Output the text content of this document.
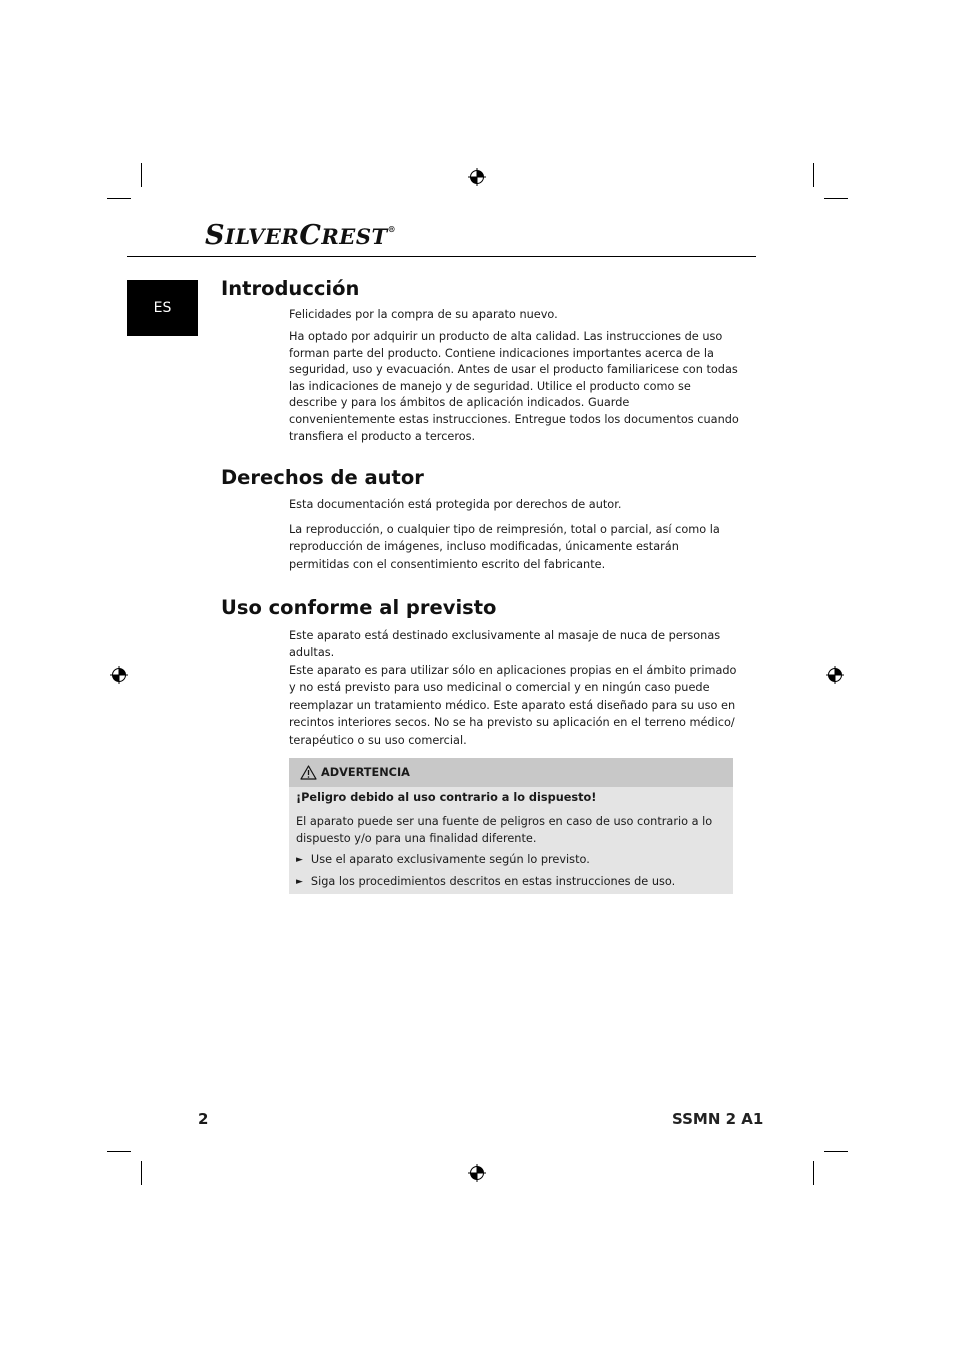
SILVERCREST®
ES
Introducción

Felicidades por la compra de su aparato nuevo.

Ha optado por adquirir un producto de alta calidad. Las instrucciones de uso forman parte del producto. Contiene indicaciones importantes acerca de la seguridad, uso y evacuación. Antes de usar el producto familiaricese con todas las indicaciones de manejo y de seguridad. Utilice el producto como se describe y para los ámbitos de aplicación indicados. Guarde convenientemente estas instrucciones. Entregue todos los documentos cuando transfiera el producto a terceros.

Derechos de autor

Esta documentación está protegida por derechos de autor.

La reproducción, o cualquier tipo de reimpresión, total o parcial, así como la reproducción de imágenes, incluso modificadas, únicamente estarán permitidas con el consentimiento escrito del fabricante.

Uso conforme al previsto

Este aparato está destinado exclusivamente al masaje de nuca de personas adultas.

Este aparato es para utilizar sólo en aplicaciones propias en el ámbito primado y no está previsto para uso medicinal o comercial y en ningún caso puede reemplazar un tratamiento médico. Este aparato está diseñado para su uso en recintos interiores secos. No se ha previsto su aplicación en el terreno médico/ terapéutico o su uso comercial.

ADVERTENCIA
¡Peligro debido al uso contrario a lo dispuesto!

El aparato puede ser una fuente de peligros en caso de uso contrario a lo dispuesto y/o para una finalidad diferente.

► Use el aparato exclusivamente según lo previsto.
► Siga los procedimientos descritos en estas instrucciones de uso.
2	SSMN 2 A1
